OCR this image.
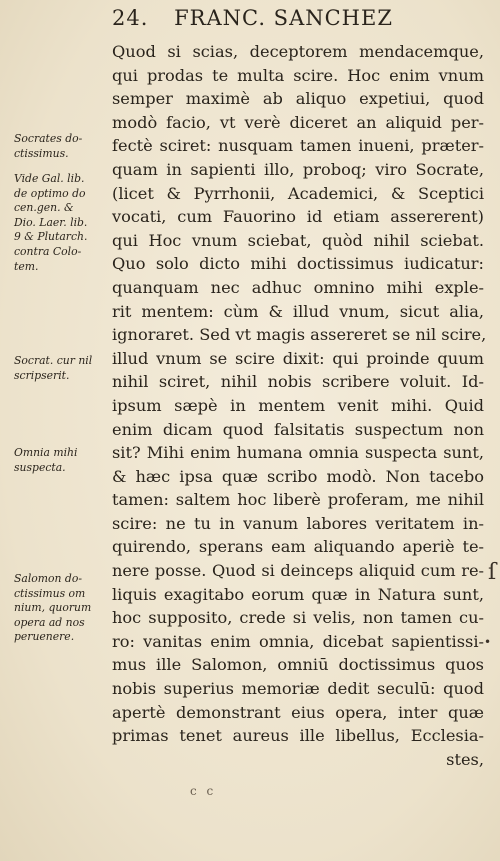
24. FRANC. SANCHEZ
Quod si scias, deceptorem mendacemque,
qui prodas te multa scire. Hoc enim vnum
semper maximè ab aliquo expetiui, quod
modò facio, vt verè diceret an aliquid per-
fectè sciret: nusquam tamen inueni, præter-
quam in sapienti illo, proboq; viro Socrate,
(licet & Pyrrhonii, Academici, & Sceptici
vocati, cum Fauorino id etiam assererent)
qui Hoc vnum sciebat, quòd nihil sciebat.
Quo solo dicto mihi doctissimus iudicatur:
quanquam nec adhuc omnino mihi exple-
rit mentem: cùm & illud vnum, sicut alia,
ignoraret. Sed vt magis assereret se nil scire,
illud vnum se scire dixit: qui proinde quum
nihil sciret, nihil nobis scribere voluit. Id-
ipsum sæpè in mentem venit mihi. Quid
enim dicam quod falsitatis suspectum non
sit? Mihi enim humana omnia suspecta sunt,
& hæc ipsa quæ scribo modò. Non tacebo
tamen: saltem hoc liberè proferam, me nihil
scire: ne tu in vanum labores veritatem in-
quirendo, sperans eam aliquando aperiè te-
nere posse. Quod si deinceps aliquid cum re-
liquis exagitabo eorum quæ in Natura sunt,
hoc supposito, crede si velis, non tamen cu-
ro: vanitas enim omnia, dicebat sapientissi-
mus ille Salomon, omniū doctissimus quos
nobis superius memoriæ dedit seculū: quod
apertè demonstrant eius opera, inter quæ
primas tenet aureus ille libellus, Ecclesia-
stes,
Socrates do-
ctissimus.
Vide Gal. lib.
de optimo do
cen.gen. &
Dio. Laer. lib.
9 & Plutarch.
contra Colo-
tem.
Socrat. cur nil
scripserit.
Omnia mihi
suspecta.
Salomon do-
ctissimus om
nium, quorum
opera ad nos
peruenere.
ſ
•
c c
